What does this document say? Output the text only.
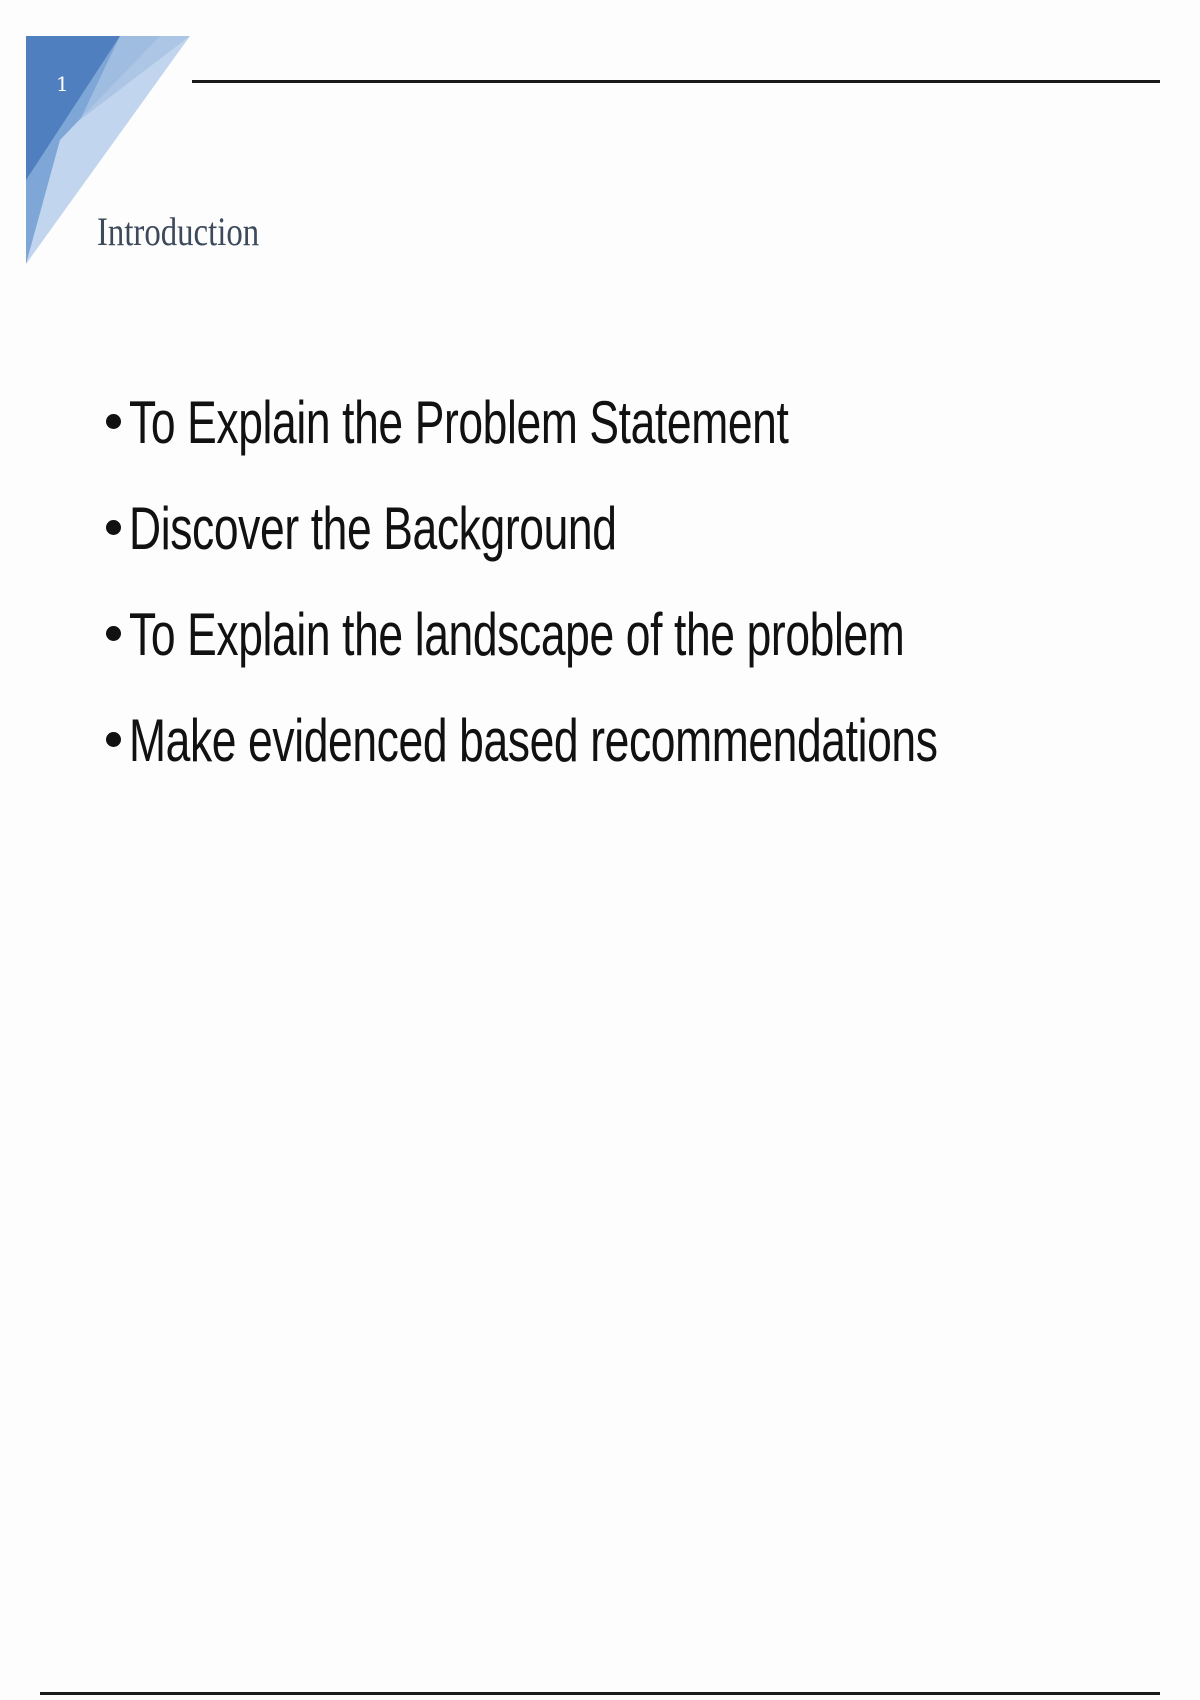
1
Introduction
To Explain the Problem Statement
Discover the Background
To Explain the landscape of the problem
Make evidenced based recommendations
